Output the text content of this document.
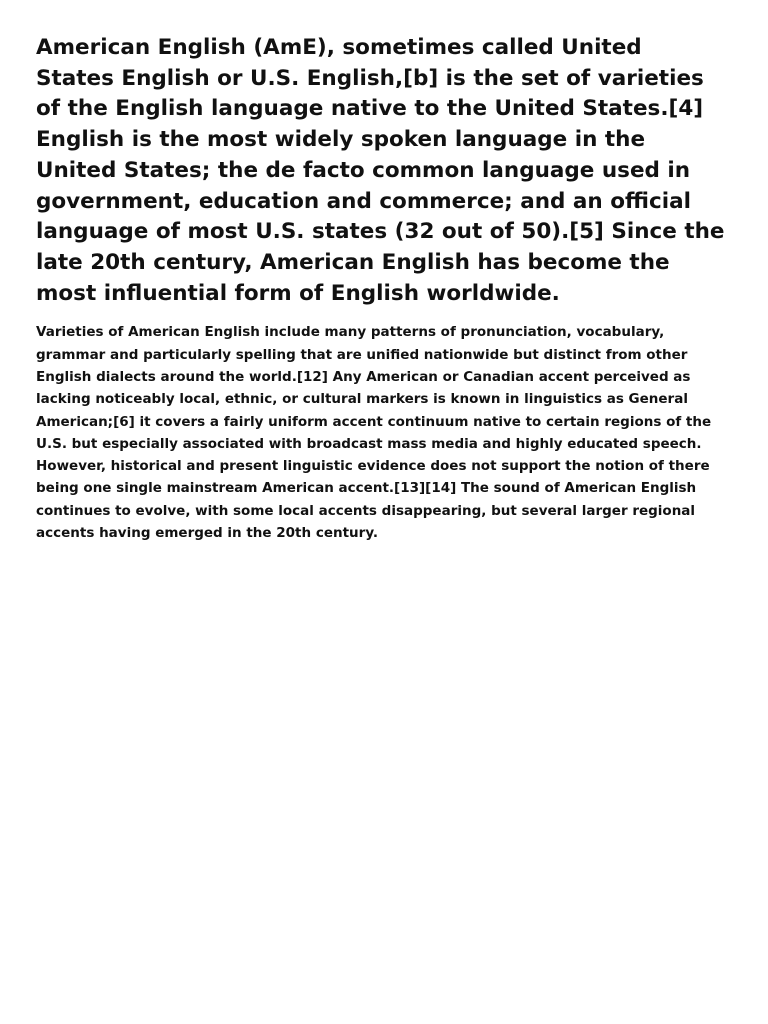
American English (AmE), sometimes called United States English or U.S. English,[b] is the set of varieties of the English language native to the United States.[4] English is the most widely spoken language in the United States; the de facto common language used in government, education and commerce; and an official language of most U.S. states (32 out of 50).[5] Since the late 20th century, American English has become the most influential form of English worldwide.

Varieties of American English include many patterns of pronunciation, vocabulary, grammar and particularly spelling that are unified nationwide but distinct from other English dialects around the world.[12] Any American or Canadian accent perceived as lacking noticeably local, ethnic, or cultural markers is known in linguistics as General American;[6] it covers a fairly uniform accent continuum native to certain regions of the U.S. but especially associated with broadcast mass media and highly educated speech. However, historical and present linguistic evidence does not support the notion of there being one single mainstream American accent.[13][14] The sound of American English continues to evolve, with some local accents disappearing, but several larger regional accents having emerged in the 20th century.
